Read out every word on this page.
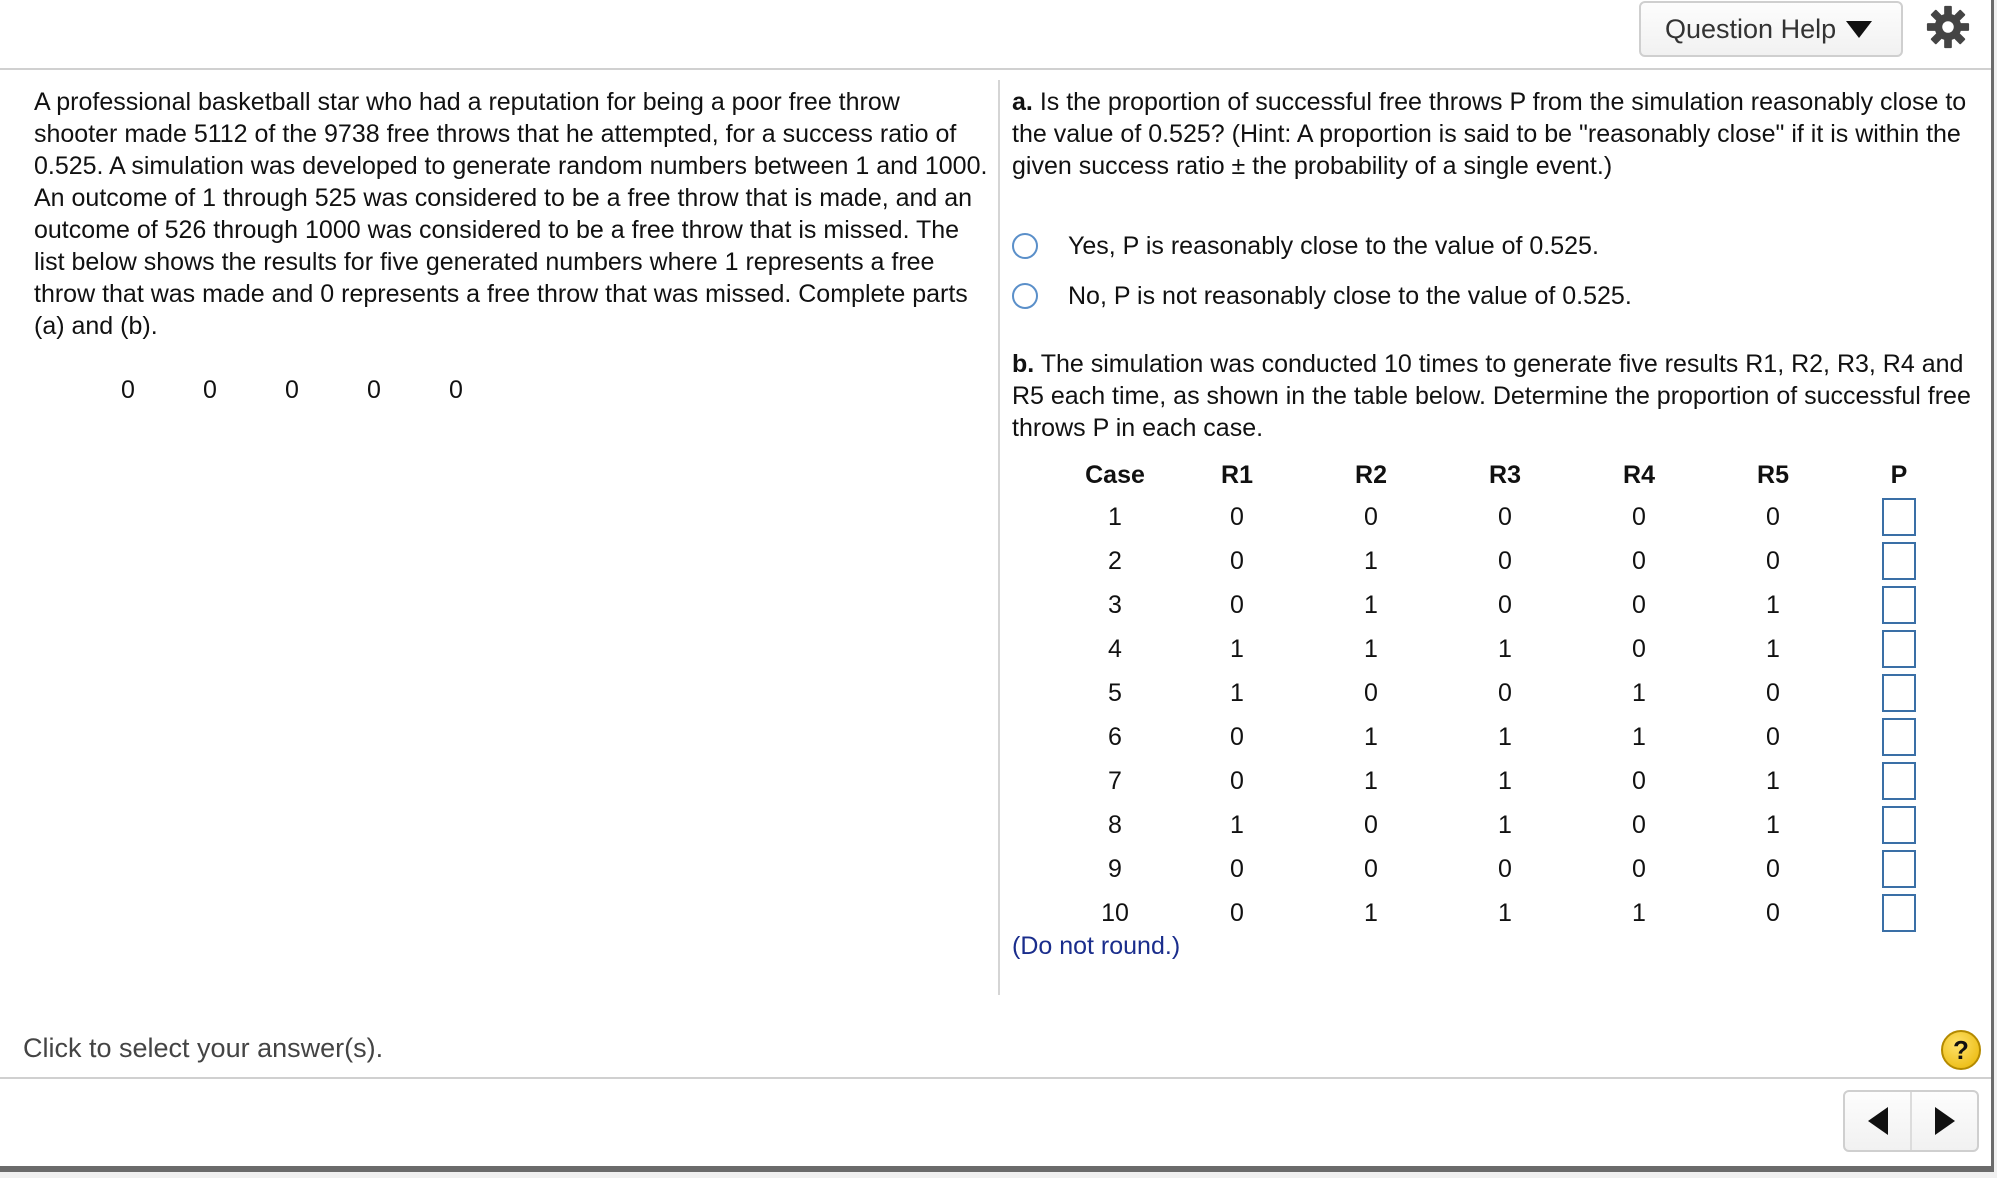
Question Help
A professional basketball star who had a reputation for being a poor free throw shooter made 5112 of the 9738 free throws that he attempted, for a success ratio of 0.525. A simulation was developed to generate random numbers between 1 and 1000. An outcome of 1 through 525 was considered to be a free throw that is made, and an outcome of 526 through 1000 was considered to be a free throw that is missed. The list below shows the results for five generated numbers where 1 represents a free throw that was made and 0 represents a free throw that was missed. Complete parts (a) and (b).
0	0	0	0	0
a. Is the proportion of successful free throws P from the simulation reasonably close to the value of 0.525? (Hint: A proportion is said to be "reasonably close" if it is within the given success ratio ± the probability of a single event.)
Yes, P is reasonably close to the value of 0.525.
No, P is not reasonably close to the value of 0.525.
b. The simulation was conducted 10 times to generate five results R1, R2, R3, R4 and R5 each time, as shown in the table below. Determine the proportion of successful free throws P in each case.
Case	R1	R2	R3	R4	R5	P
1	0	0	0	0	0	
2	0	1	0	0	0	
3	0	1	0	0	1	
4	1	1	1	0	1	
5	1	0	0	1	0	
6	0	1	1	1	0	
7	0	1	1	0	1	
8	1	0	1	0	1	
9	0	0	0	0	0	
10	0	1	1	1	0	
(Do not round.)
Click to select your answer(s).	?
